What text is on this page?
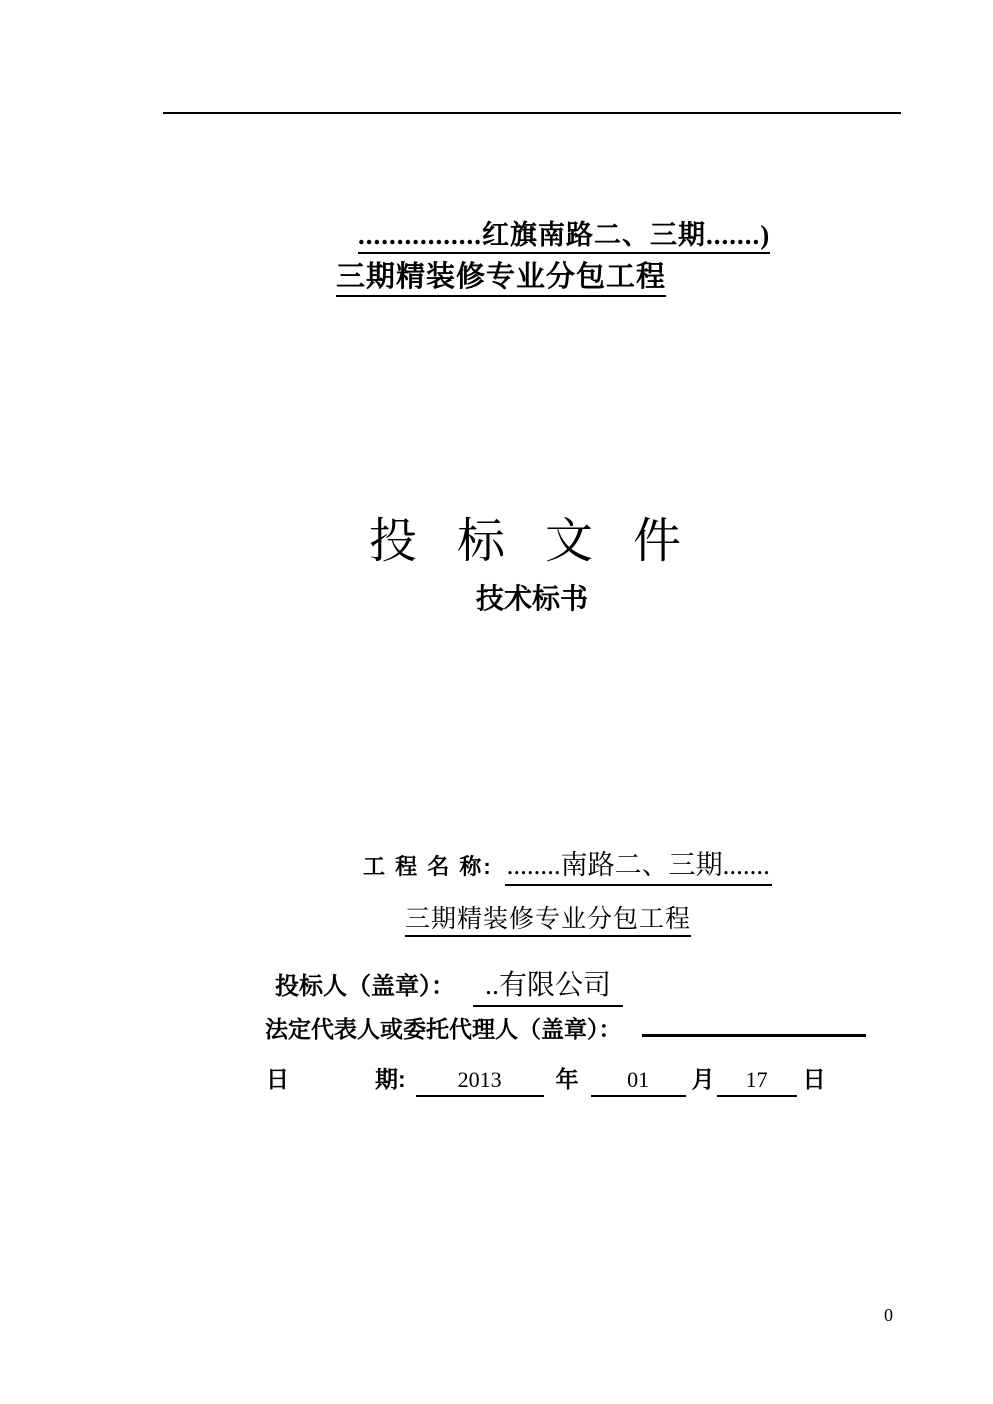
................红旗南路二、三期.......)
三期精装修专业分包工程
投 标 文 件
技术标书
工 程 名 称: ........南路二、三期.......
三期精装修专业分包工程
投标人（盖章）：	..有限公司
法定代表人或委托代理人（盖章）：
日	期:	2013	年	01	月	17	日
0
